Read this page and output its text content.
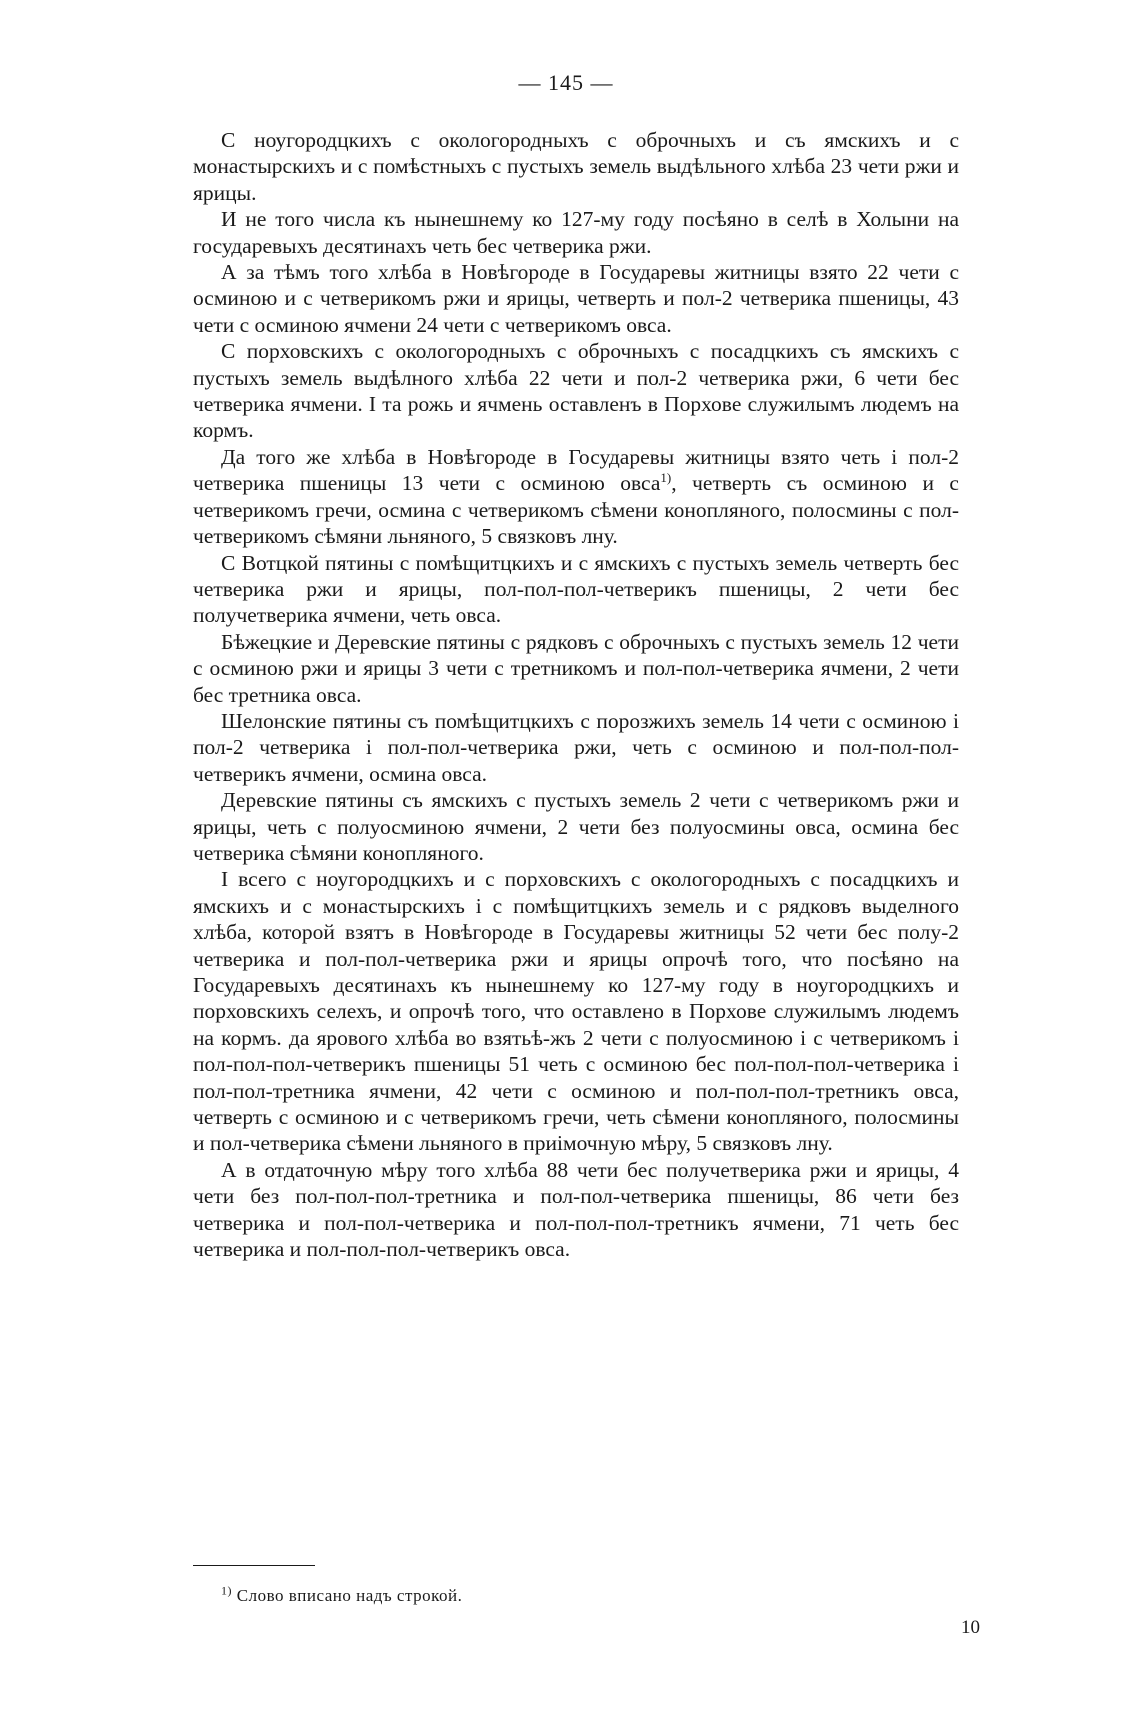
— 145 —

С ноугородцкихъ с окологородныхъ с оброчныхъ и съ ямскихъ и с монастырскихъ и с помѣстныхъ с пустыхъ земель выдѣльного хлѣба 23 чети ржи и ярицы.

И не того числа къ нынешнему ко 127-му году посѣяно в селѣ в Холыни на государевыхъ десятинахъ четь бес четверика ржи.

А за тѣмъ того хлѣба в Новѣгороде в Государевы житницы взято 22 чети с осминою и с четверикомъ ржи и ярицы, четверть и пол-2 четверика пшеницы, 43 чети с осминою ячмени 24 чети с четверикомъ овса.

С порховскихъ с окологородныхъ с оброчныхъ с посадцкихъ съ ямскихъ с пустыхъ земель выдѣлного хлѣба 22 чети и пол-2 четверика ржи, 6 чети бес четверика ячмени. І та рожь и ячмень оставленъ в Порхове служилымъ людемъ на кормъ.

Да того же хлѣба в Новѣгороде в Государевы житницы взято четь і пол-2 четверика пшеницы 13 чети с осминою овса$^{1)}$, четверть съ осминою и с четверикомъ гречи, осмина с четверикомъ сѣмени конопляного, полосмины с пол-четверикомъ сѣмяни льняного, 5 связковъ лну.

С Вотцкой пятины с помѣщитцкихъ и с ямскихъ с пустыхъ земель четверть бес четверика ржи и ярицы, пол-пол-пол-четверикъ пшеницы, 2 чети бес получетверика ячмени, четь овса.

Бѣжецкие и Деревские пятины с рядковъ с оброчныхъ с пустыхъ земель 12 чети с осминою ржи и ярицы 3 чети с третникомъ и пол-пол-четверика ячмени, 2 чети бес третника овса.

Шелонские пятины съ помѣщитцкихъ с порозжихъ земель 14 чети с осминою і пол-2 четверика і пол-пол-четверика ржи, четь с осминою и пол-пол-пол-четверикъ ячмени, осмина овса.

Деревские пятины съ ямскихъ с пустыхъ земель 2 чети с четверикомъ ржи и ярицы, четь с полуосминою ячмени, 2 чети без полуосмины овса, осмина бес четверика сѣмяни конопляного.

І всего с ноугородцкихъ и с порховскихъ с окологородныхъ с посадцкихъ и ямскихъ и с монастырскихъ і с помѣщитцкихъ земель и с рядковъ выделного хлѣба, которой взятъ в Новѣгороде в Государевы житницы 52 чети бес полу-2 четверика и пол-пол-четверика ржи и ярицы опрочѣ того, что посѣяно на Государевыхъ десятинахъ къ нынешнему ко 127-му году в ноугородцкихъ и порховскихъ селехъ, и опрочѣ того, что оставлено в Порхове служилымъ людемъ на кормъ. да ярового хлѣба во взятьѣ-жъ 2 чети с полуосминою і с четверикомъ і пол-пол-пол-четверикъ пшеницы 51 четь с осминою бес пол-пол-пол-четверика і пол-пол-третника ячмени, 42 чети с осминою и пол-пол-пол-третникъ овса, четверть с осминою и с четверикомъ гречи, четь сѣмени конопляного, полосмины и пол-четверика сѣмени льняного в приімочную мѣру, 5 связковъ лну.

А в отдаточную мѣру того хлѣба 88 чети бес получетверика ржи и ярицы, 4 чети без пол-пол-пол-третника и пол-пол-четверика пшеницы, 86 чети без четверика и пол-пол-четверика и пол-пол-пол-третникъ ячмени, 71 четь бес четверика и пол-пол-пол-четверикъ овса.

$^{1)}$ Слово вписано надъ строкой.
10
